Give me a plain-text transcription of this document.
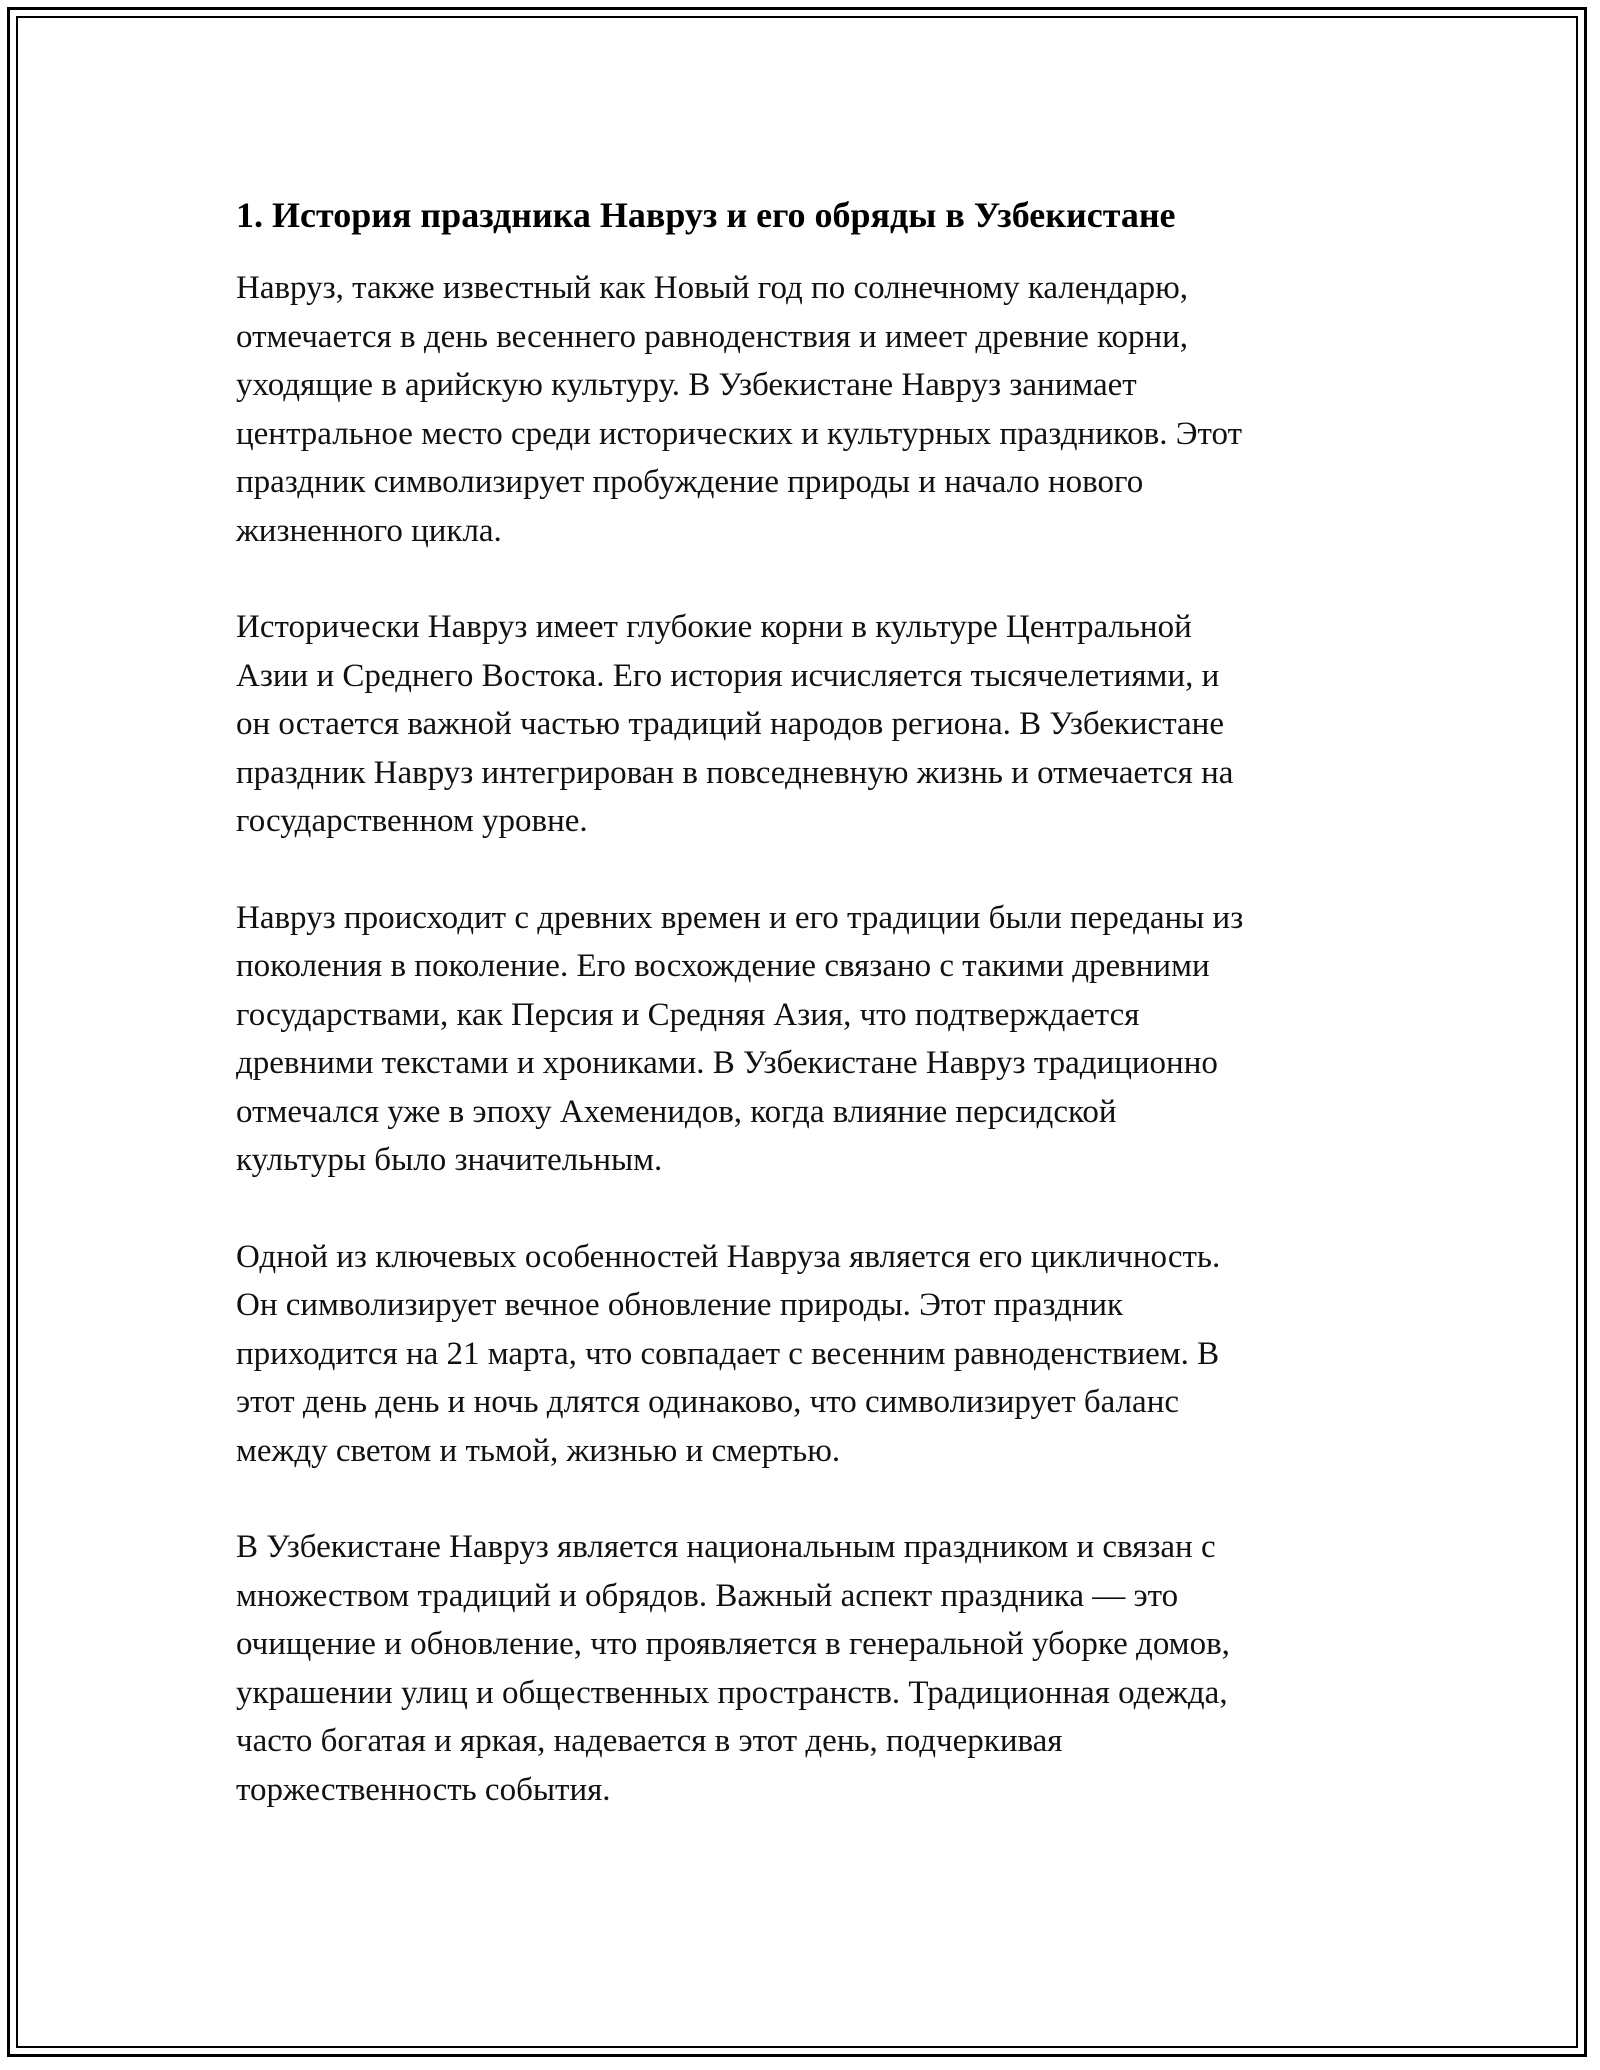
1. История праздника Навруз и его обряды в Узбекистане

Навруз, также известный как Новый год по солнечному календарю,
отмечается в день весеннего равноденствия и имеет древние корни,
уходящие в арийскую культуру. В Узбекистане Навруз занимает
центральное место среди исторических и культурных праздников. Этот
праздник символизирует пробуждение природы и начало нового
жизненного цикла.

Исторически Навруз имеет глубокие корни в культуре Центральной
Азии и Среднего Востока. Его история исчисляется тысячелетиями, и
он остается важной частью традиций народов региона. В Узбекистане
праздник Навруз интегрирован в повседневную жизнь и отмечается на
государственном уровне.

Навруз происходит с древних времен и его традиции были переданы из
поколения в поколение. Его восхождение связано с такими древними
государствами, как Персия и Средняя Азия, что подтверждается
древними текстами и хрониками. В Узбекистане Навруз традиционно
отмечался уже в эпоху Ахеменидов, когда влияние персидской
культуры было значительным.

Одной из ключевых особенностей Навруза является его цикличность.
Он символизирует вечное обновление природы. Этот праздник
приходится на 21 марта, что совпадает с весенним равноденствием. В
этот день день и ночь длятся одинаково, что символизирует баланс
между светом и тьмой, жизнью и смертью.

В Узбекистане Навруз является национальным праздником и связан с
множеством традиций и обрядов. Важный аспект праздника — это
очищение и обновление, что проявляется в генеральной уборке домов,
украшении улиц и общественных пространств. Традиционная одежда,
часто богатая и яркая, надевается в этот день, подчеркивая
торжественность события.
